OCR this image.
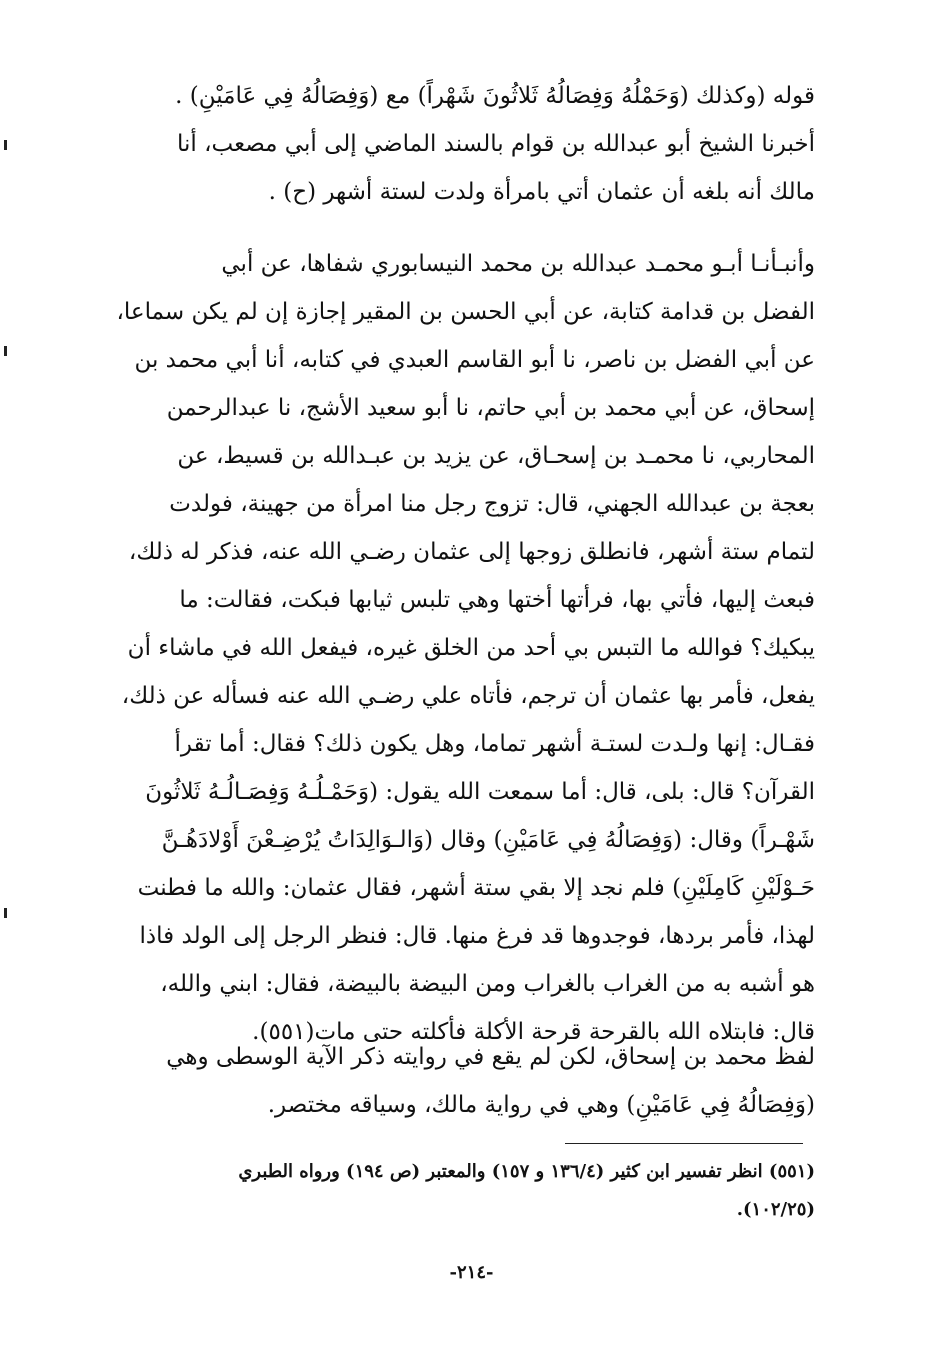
قوله (وكذلك (وَحَمْلُهُ وَفِصَالُهُ ثَلاثُونَ شَهْراً) مع (وَفِصَالُهُ فِي عَامَيْنِ) .
أخبرنا الشيخ أبو عبدالله بن قوام بالسند الماضي إلى أبي مصعب، أنا
مالك أنه بلغه أن عثمان أتي بامرأة ولدت لستة أشهر (ح) .
وأنبـأنـا أبـو محمـد عبدالله بن محمد النيسابوري شفاها، عن أبي
الفضل بن قدامة كتابة، عن أبي الحسن بن المقير إجازة إن لم يكن سماعا،
عن أبي الفضل بن ناصر، نا أبو القاسم العبدي في كتابه، أنا أبي محمد بن
إسحاق، عن أبي محمد بن أبي حاتم، نا أبو سعيد الأشج، نا عبدالرحمن
المحاربي، نا محمـد بن إسحـاق، عن يزيد بن عبـدالله بن قسيط، عن
بعجة بن عبدالله الجهني، قال: تزوج رجل منا امرأة من جهينة، فولدت
لتمام ستة أشهر، فانطلق زوجها إلى عثمان رضـي الله عنه، فذكر له ذلك،
فبعث إليها، فأتي بها، فرأتها أختها وهي تلبس ثيابها فبكت، فقالت: ما
يبكيك؟ فوالله ما التبس بي أحد من الخلق غيره، فيفعل الله في ماشاء أن
يفعل، فأمر بها عثمان أن ترجم، فأتاه علي رضـي الله عنه فسأله عن ذلك،
فقـال: إنها ولـدت لستـة أشهر تماما، وهل يكون ذلك؟ فقال: أما تقرأ
القرآن؟ قال: بلى، قال: أما سمعت الله يقول: (وَحَمْـلُـهُ وَفِصَـالُـهُ ثَلاثُونَ
شَهْـراً) وقال: (وَفِصَالُهُ فِي عَامَيْنِ) وقال (وَالـوَالِدَاتُ يُرْضِـعْنَ أَوْلادَهُـنَّ
حَـوْلَيْنِ كَامِلَيْنِ) فلم نجد إلا بقي ستة أشهر، فقال عثمان: والله ما فطنت
لهذا، فأمر بردها، فوجدوها قد فرغ منها. قال: فنظر الرجل إلى الولد فاذا
هو أشبه به من الغراب بالغراب ومن البيضة بالبيضة، فقال: ابني والله،
قال: فابتلاه الله بالقرحة قرحة الأكلة فأكلته حتى مات(٥٥١).
لفظ محمد بن إسحاق، لكن لم يقع في روايته ذكر الآية الوسطى وهي
(وَفِصَالُهُ فِي عَامَيْنِ) وهي في رواية مالك، وسياقه مختصر.
(٥٥١) انظر تفسير ابن كثير (١٣٦/٤ و ١٥٧) والمعتبر (ص ١٩٤) ورواه الطبري
(١٠٢/٢٥).
-٢١٤-
